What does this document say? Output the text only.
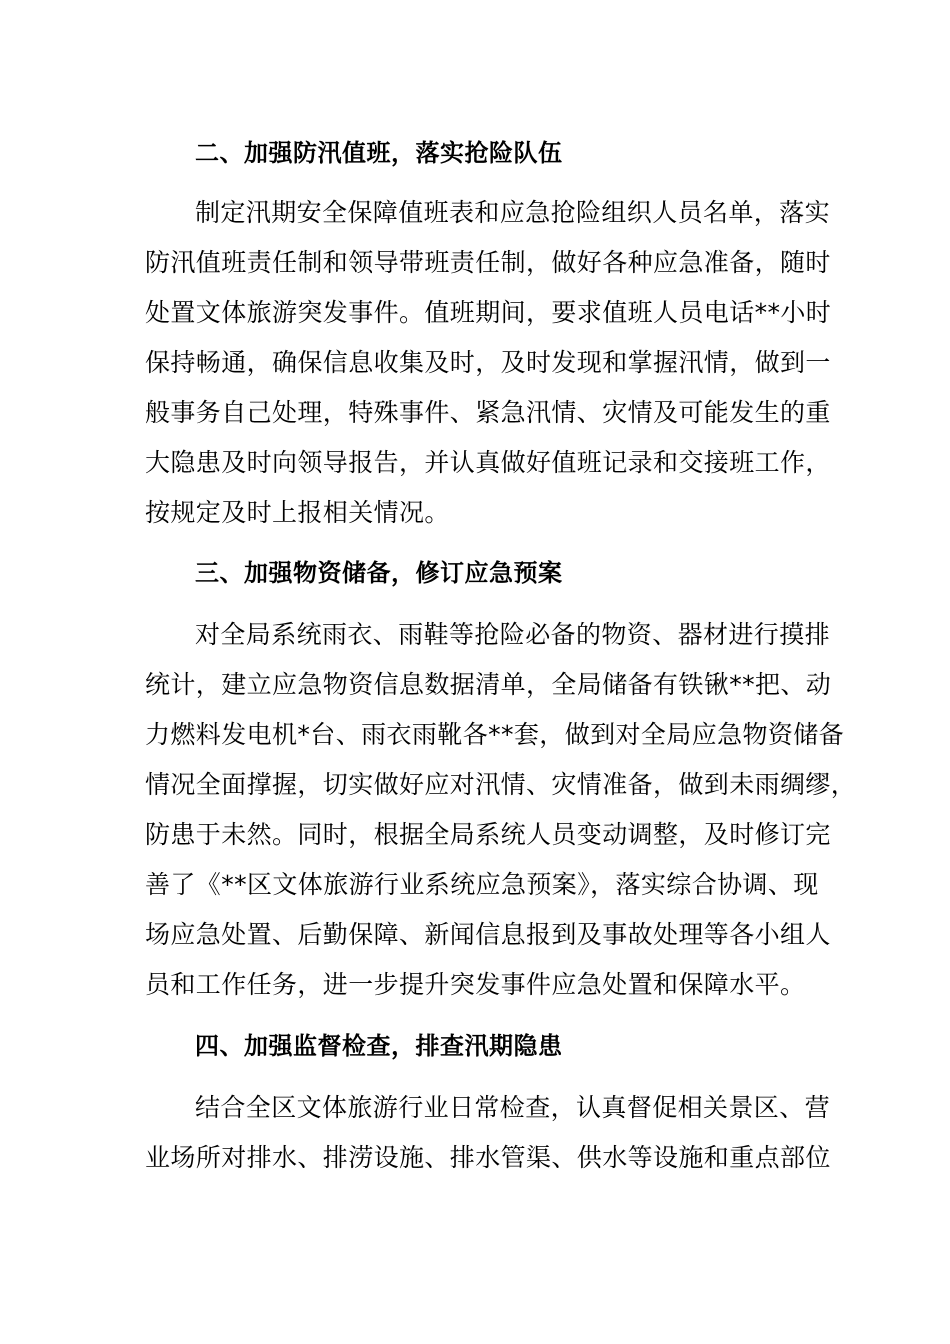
二、加强防汛值班，落实抢险队伍
制定汛期安全保障值班表和应急抢险组织人员名单，落实
防汛值班责任制和领导带班责任制，做好各种应急准备，随时
处置文体旅游突发事件。值班期间，要求值班人员电话**小时
保持畅通，确保信息收集及时，及时发现和掌握汛情，做到一
般事务自己处理，特殊事件、紧急汛情、灾情及可能发生的重
大隐患及时向领导报告，并认真做好值班记录和交接班工作，
按规定及时上报相关情况。
三、加强物资储备，修订应急预案
对全局系统雨衣、雨鞋等抢险必备的物资、器材进行摸排
统计，建立应急物资信息数据清单，全局储备有铁锹**把、动
力燃料发电机*台、雨衣雨靴各**套，做到对全局应急物资储备
情况全面撑握，切实做好应对汛情、灾情准备，做到未雨绸缪，
防患于未然。同时，根据全局系统人员变动调整，及时修订完
善了《**区文体旅游行业系统应急预案》，落实综合协调、现
场应急处置、后勤保障、新闻信息报到及事故处理等各小组人
员和工作任务，进一步提升突发事件应急处置和保障水平。
四、加强监督检查，排查汛期隐患
结合全区文体旅游行业日常检查，认真督促相关景区、营
业场所对排水、排涝设施、排水管渠、供水等设施和重点部位
